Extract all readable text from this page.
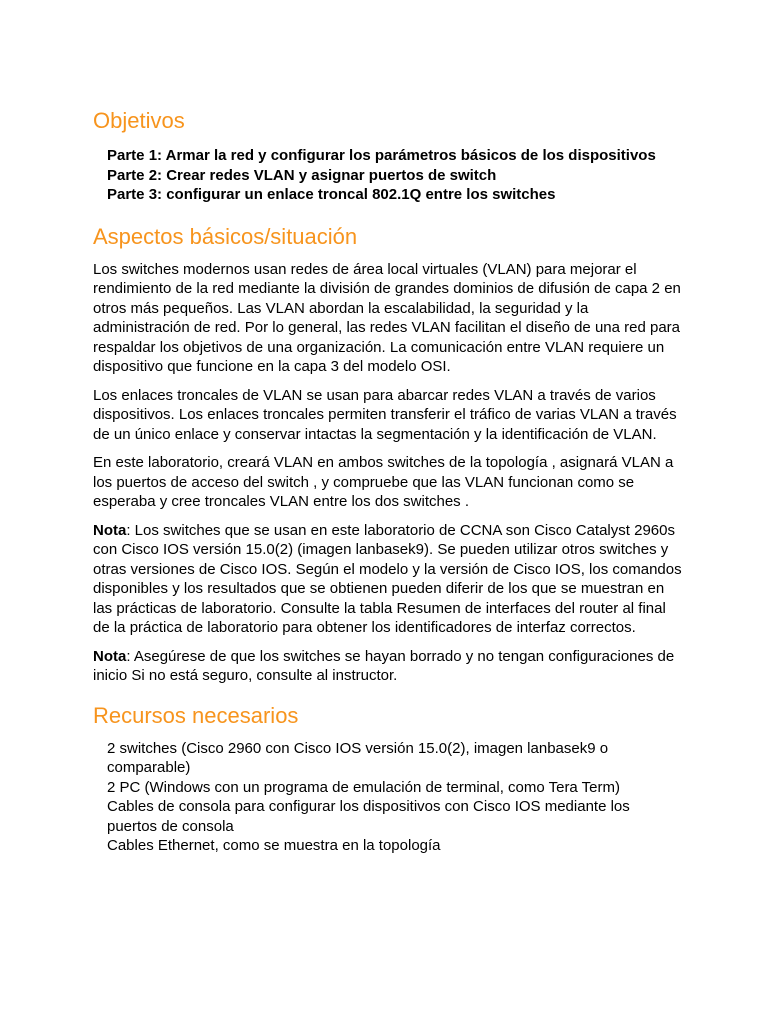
Objetivos
Parte 1: Armar la red y configurar los parámetros básicos de los dispositivos
Parte 2: Crear redes VLAN y asignar puertos de switch
Parte 3: configurar un enlace troncal 802.1Q entre los switches
Aspectos básicos/situación

Los switches modernos usan redes de área local virtuales (VLAN) para mejorar el rendimiento de la red mediante la división de grandes dominios de difusión de capa 2 en otros más pequeños. Las VLAN abordan la escalabilidad, la seguridad y la administración de red. Por lo general, las redes VLAN facilitan el diseño de una red para respaldar los objetivos de una organización. La comunicación entre VLAN requiere un dispositivo que funcione en la capa 3 del modelo OSI.

Los enlaces troncales de VLAN se usan para abarcar redes VLAN a través de varios dispositivos. Los enlaces troncales permiten transferir el tráfico de varias VLAN a través de un único enlace y conservar intactas la segmentación y la identificación de VLAN.

En este laboratorio, creará VLAN en ambos switches de la topología , asignará VLAN a los puertos de acceso del switch , y compruebe que las VLAN funcionan como se esperaba y cree troncales VLAN entre los dos switches .

Nota: Los switches que se usan en este laboratorio de CCNA son Cisco Catalyst 2960s con Cisco IOS versión 15.0(2) (imagen lanbasek9). Se pueden utilizar otros switches y otras versiones de Cisco IOS. Según el modelo y la versión de Cisco IOS, los comandos disponibles y los resultados que se obtienen pueden diferir de los que se muestran en las prácticas de laboratorio. Consulte la tabla Resumen de interfaces del router al final de la práctica de laboratorio para obtener los identificadores de interfaz correctos.

Nota: Asegúrese de que los switches se hayan borrado y no tengan configuraciones de inicio Si no está seguro, consulte al instructor.

Recursos necesarios
2 switches (Cisco 2960 con Cisco IOS versión 15.0(2), imagen lanbasek9 o comparable)
2 PC (Windows con un programa de emulación de terminal, como Tera Term)
Cables de consola para configurar los dispositivos con Cisco IOS mediante los puertos de consola
Cables Ethernet, como se muestra en la topología
